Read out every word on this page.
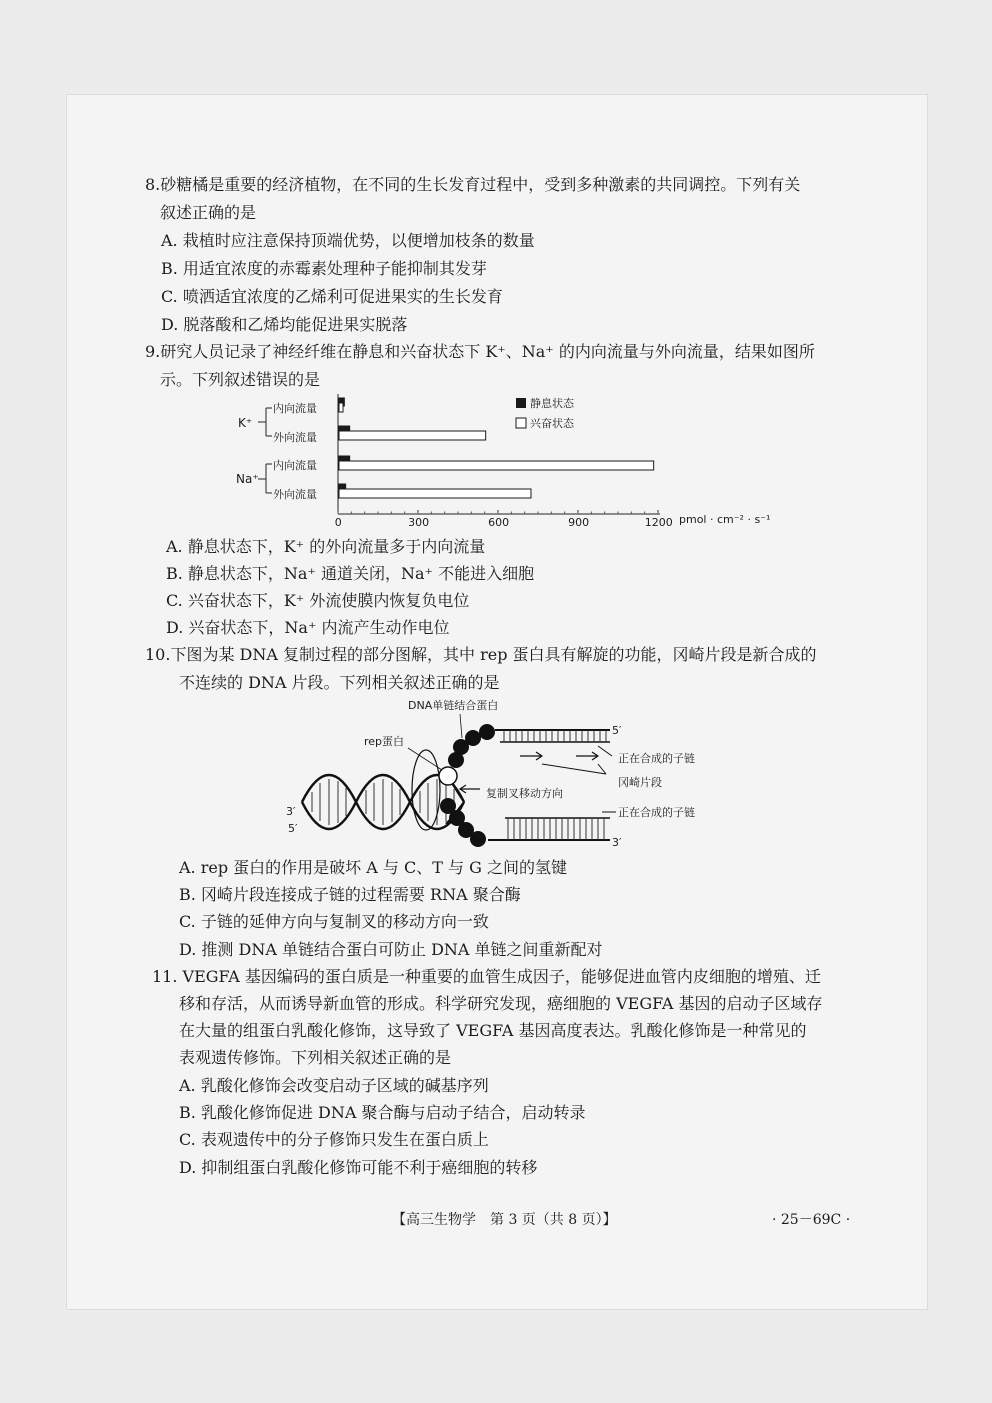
8.砂糖橘是重要的经济植物，在不同的生长发育过程中，受到多种激素的共同调控。下列有关
叙述正确的是
A. 栽植时应注意保持顶端优势，以便增加枝条的数量
B. 用适宜浓度的赤霉素处理种子能抑制其发芽
C. 喷洒适宜浓度的乙烯利可促进果实的生长发育
D. 脱落酸和乙烯均能促进果实脱落
9.研究人员记录了神经纤维在静息和兴奋状态下 K⁺、Na⁺ 的内向流量与外向流量，结果如图所
示。下列叙述错误的是
K⁺
Na⁺
内向流量
外向流量
内向流量
外向流量
静息状态
兴奋状态
0	300	600	900	1200 pmol · cm⁻² · s⁻¹
A. 静息状态下，K⁺ 的外向流量多于内向流量
B. 静息状态下，Na⁺ 通道关闭，Na⁺ 不能进入细胞
C. 兴奋状态下，K⁺ 外流使膜内恢复负电位
D. 兴奋状态下，Na⁺ 内流产生动作电位
10.下图为某 DNA 复制过程的部分图解，其中 rep 蛋白具有解旋的功能，冈崎片段是新合成的
不连续的 DNA 片段。下列相关叙述正确的是
DNA单链结合蛋白
rep蛋白
复制叉移动方向
正在合成的子链
冈崎片段
正在合成的子链
5′
3′
5′
3′
A. rep 蛋白的作用是破坏 A 与 C、T 与 G 之间的氢键
B. 冈崎片段连接成子链的过程需要 RNA 聚合酶
C. 子链的延伸方向与复制叉的移动方向一致
D. 推测 DNA 单链结合蛋白可防止 DNA 单链之间重新配对
11. VEGFA 基因编码的蛋白质是一种重要的血管生成因子，能够促进血管内皮细胞的增殖、迁
移和存活，从而诱导新血管的形成。科学研究发现，癌细胞的 VEGFA 基因的启动子区域存
在大量的组蛋白乳酸化修饰，这导致了 VEGFA 基因高度表达。乳酸化修饰是一种常见的
表观遗传修饰。下列相关叙述正确的是
A. 乳酸化修饰会改变启动子区域的碱基序列
B. 乳酸化修饰促进 DNA 聚合酶与启动子结合，启动转录
C. 表观遗传中的分子修饰只发生在蛋白质上
D. 抑制组蛋白乳酸化修饰可能不利于癌细胞的转移
【高三生物学　第 3 页（共 8 页）】	· 25－69C ·
